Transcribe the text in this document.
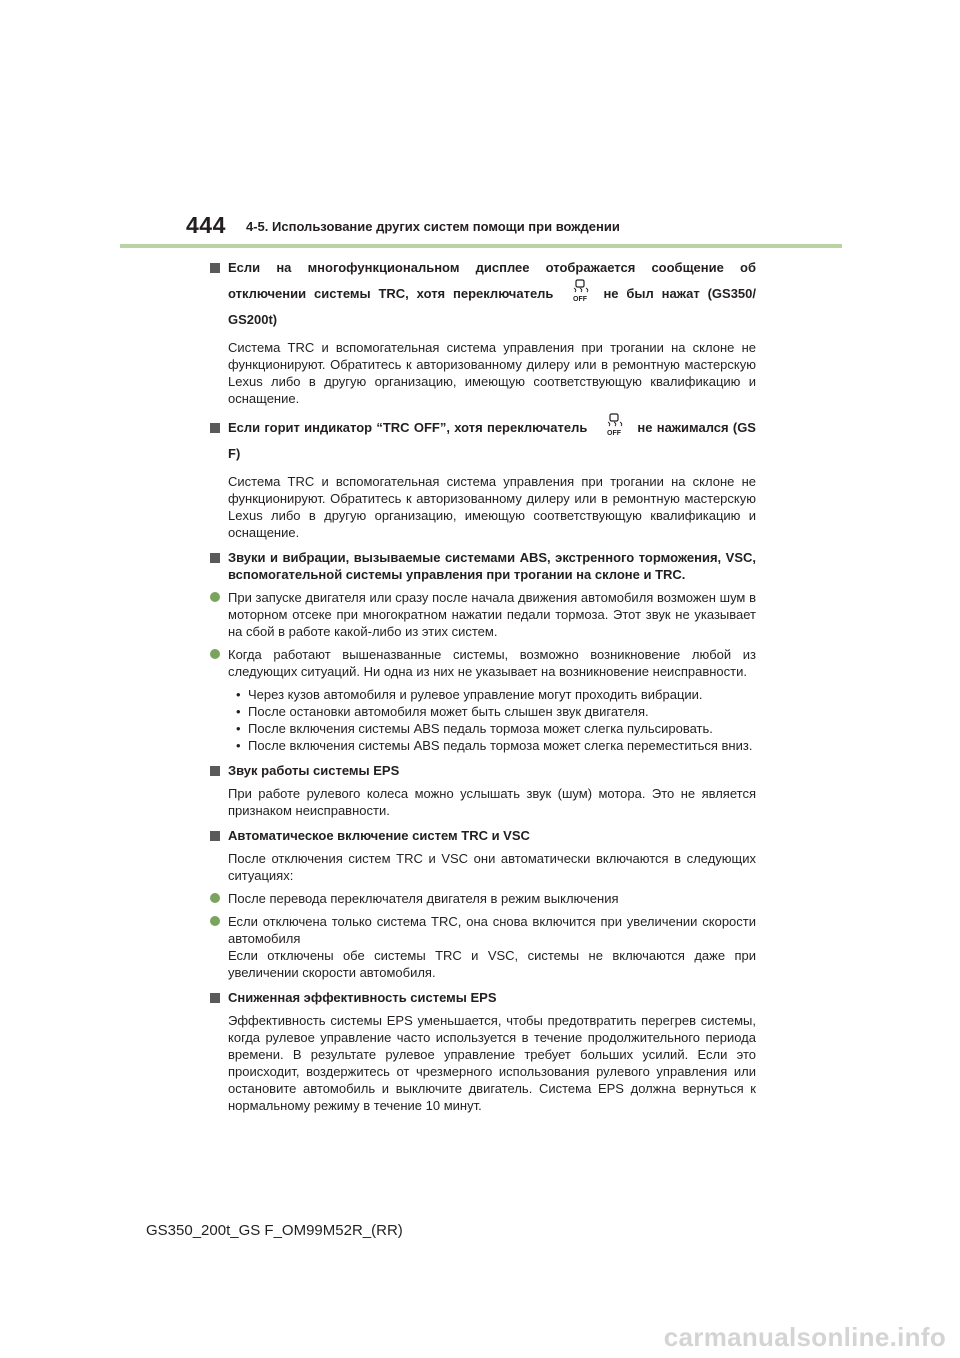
444 4-5. Использование других систем помощи при вождении
Если на многофункциональном дисплее отображается сообщение об отключении системы TRC, хотя переключатель	OFF не был нажат (GS350/ GS200t)
Система TRC и вспомогательная система управления при трогании на склоне не функционируют. Обратитесь к авторизованному дилеру или в ремонтную мастерскую Lexus либо в другую организацию, имеющую соответствующую квалификацию и оснащение.
Если горит индикатор “TRC OFF”, хотя переключатель	OFF не нажимался (GS F)
Система TRC и вспомогательная система управления при трогании на склоне не функционируют. Обратитесь к авторизованному дилеру или в ремонтную мастерскую Lexus либо в другую организацию, имеющую соответствующую квалификацию и оснащение.
Звуки и вибрации, вызываемые системами ABS, экстренного торможения, VSC, вспомогательной системы управления при трогании на склоне и TRC.
При запуске двигателя или сразу после начала движения автомобиля возможен шум в моторном отсеке при многократном нажатии педали тормоза. Этот звук не указывает на сбой в работе какой-либо из этих систем.
Когда работают вышеназванные системы, возможно возникновение любой из следующих ситуаций. Ни одна из них не указывает на возникновение неисправности.
• Через кузов автомобиля и рулевое управление могут проходить вибрации.
• После остановки автомобиля может быть слышен звук двигателя.
• После включения системы ABS педаль тормоза может слегка пульсировать.
• После включения системы ABS педаль тормоза может слегка переместиться вниз.
Звук работы системы EPS
При работе рулевого колеса можно услышать звук (шум) мотора. Это не является признаком неисправности.
Автоматическое включение систем TRC и VSC
После отключения систем TRC и VSC они автоматически включаются в следующих ситуациях:
После перевода переключателя двигателя в режим выключения
Если отключена только система TRC, она снова включится при увеличении скорости автомобиля
Если отключены обе системы TRC и VSC, системы не включаются даже при увеличении скорости автомобиля.
Сниженная эффективность системы EPS
Эффективность системы EPS уменьшается, чтобы предотвратить перегрев системы, когда рулевое управление часто используется в течение продолжительного периода времени. В результате рулевое управление требует больших усилий. Если это происходит, воздержитесь от чрезмерного использования рулевого управления или остановите автомобиль и выключите двигатель. Система EPS должна вернуться к нормальному режиму в течение 10 минут.
GS350_200t_GS F_OM99M52R_(RR)
carmanualsonline.info
